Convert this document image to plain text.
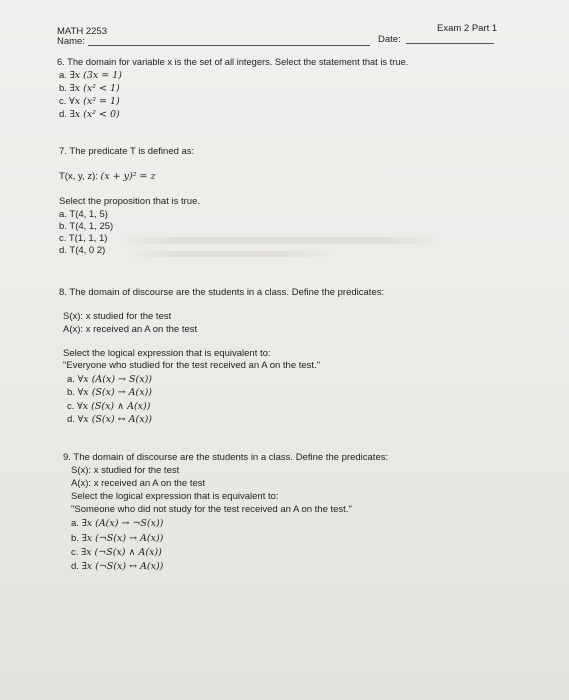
MATH 2253
Name:
Exam 2 Part 1
Date:
6. The domain for variable x is the set of all integers. Select the statement that is true.
a. ∃x (3x = 1)
b. ∃x (x² < 1)
c. ∀x (x² = 1)
d. ∃x (x² < 0)
7. The predicate T is defined as:
T(x, y, z): (x + y)² = z
Select the proposition that is true.
a. T(4, 1, 5)
b. T(4, 1, 25)
c. T(1, 1, 1)
d. T(4, 0 2)
8. The domain of discourse are the students in a class. Define the predicates:
S(x): x studied for the test
A(x): x received an A on the test
Select the logical expression that is equivalent to:
"Everyone who studied for the test received an A on the test."
a. ∀x (A(x) → S(x))
b. ∀x (S(x) → A(x))
c. ∀x (S(x) ∧ A(x))
d. ∀x (S(x) ↔ A(x))
9. The domain of discourse are the students in a class. Define the predicates:
S(x): x studied for the test
A(x): x received an A on the test
Select the logical expression that is equivalent to:
"Someone who did not study for the test received an A on the test."
a. ∃x (A(x) → ¬S(x))
b. ∃x (¬S(x) → A(x))
c. ∃x (¬S(x) ∧ A(x))
d. ∃x (¬S(x) ↔ A(x))
